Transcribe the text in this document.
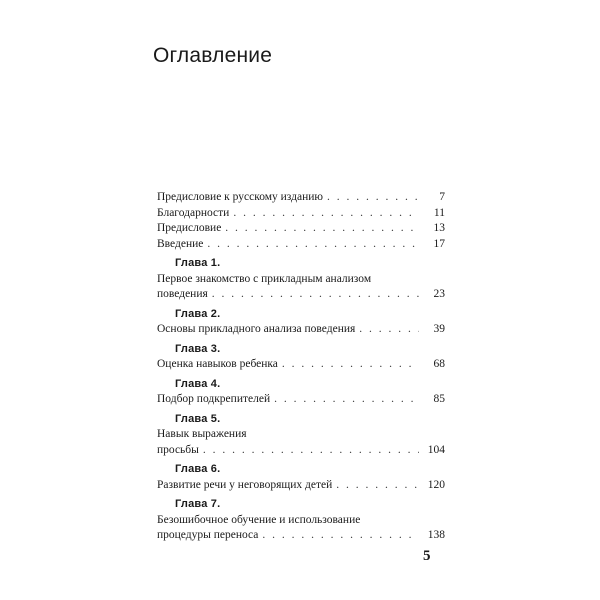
Оглавление
Предисловие к русскому изданию . . .	7
Благодарности . . .	11
Предисловие . . .	13
Введение . . .	17
Глава 1.
Первое знакомство с прикладным анализом
поведения . . .	23
Глава 2.
Основы прикладного анализа поведения . . .	39
Глава 3.
Оценка навыков ребенка . . .	68
Глава 4.
Подбор подкрепителей . . .	85
Глава 5.
Навык выражения
просьбы . . .	104
Глава 6.
Развитие речи у неговорящих детей . . .	120
Глава 7.
Безошибочное обучение и использование
процедуры переноса . . .	138
5
